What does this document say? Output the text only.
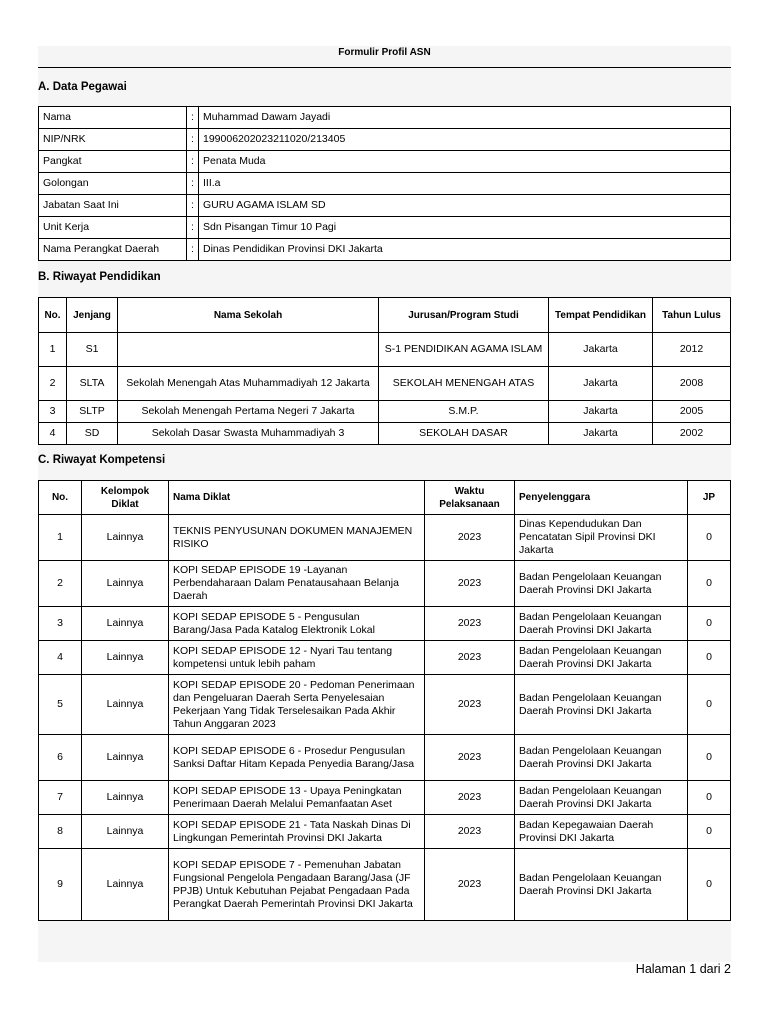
Formulir Profil ASN
A. Data Pegawai
Nama	:	Muhammad Dawam Jayadi
NIP/NRK	:	199006202023211020/213405
Pangkat	:	Penata Muda
Golongan	:	III.a
Jabatan Saat Ini	:	GURU AGAMA ISLAM SD
Unit Kerja	:	Sdn Pisangan Timur 10 Pagi
Nama Perangkat Daerah	:	Dinas Pendidikan Provinsi DKI Jakarta
B. Riwayat Pendidikan
No.	Jenjang	Nama Sekolah	Jurusan/Program Studi	Tempat Pendidikan	Tahun Lulus
1	S1		S-1 PENDIDIKAN AGAMA ISLAM	Jakarta	2012
2	SLTA	Sekolah Menengah Atas Muhammadiyah 12 Jakarta	SEKOLAH MENENGAH ATAS	Jakarta	2008
3	SLTP	Sekolah Menengah Pertama Negeri 7 Jakarta	S.M.P.	Jakarta	2005
4	SD	Sekolah Dasar Swasta Muhammadiyah 3	SEKOLAH DASAR	Jakarta	2002
C. Riwayat Kompetensi
No.	Kelompok Diklat	Nama Diklat	Waktu Pelaksanaan	Penyelenggara	JP
1	Lainnya	TEKNIS PENYUSUNAN DOKUMEN MANAJEMEN RISIKO	2023	Dinas Kependudukan Dan Pencatatan Sipil Provinsi DKI Jakarta	0
2	Lainnya	KOPI SEDAP EPISODE 19 -Layanan Perbendaharaan Dalam Penatausahaan Belanja Daerah	2023	Badan Pengelolaan Keuangan Daerah Provinsi DKI Jakarta	0
3	Lainnya	KOPI SEDAP EPISODE 5 - Pengusulan Barang/Jasa Pada Katalog Elektronik Lokal	2023	Badan Pengelolaan Keuangan Daerah Provinsi DKI Jakarta	0
4	Lainnya	KOPI SEDAP EPISODE 12 - Nyari Tau tentang kompetensi untuk lebih paham	2023	Badan Pengelolaan Keuangan Daerah Provinsi DKI Jakarta	0
5	Lainnya	KOPI SEDAP EPISODE 20 - Pedoman Penerimaan dan Pengeluaran Daerah Serta Penyelesaian Pekerjaan Yang Tidak Terselesaikan Pada Akhir Tahun Anggaran 2023	2023	Badan Pengelolaan Keuangan Daerah Provinsi DKI Jakarta	0
6	Lainnya	KOPI SEDAP EPISODE 6 - Prosedur Pengusulan Sanksi Daftar Hitam Kepada Penyedia Barang/Jasa	2023	Badan Pengelolaan Keuangan Daerah Provinsi DKI Jakarta	0
7	Lainnya	KOPI SEDAP EPISODE 13 - Upaya Peningkatan Penerimaan Daerah Melalui Pemanfaatan Aset	2023	Badan Pengelolaan Keuangan Daerah Provinsi DKI Jakarta	0
8	Lainnya	KOPI SEDAP EPISODE 21 - Tata Naskah Dinas Di Lingkungan Pemerintah Provinsi DKI Jakarta	2023	Badan Kepegawaian Daerah Provinsi DKI Jakarta	0
9	Lainnya	KOPI SEDAP EPISODE 7 - Pemenuhan Jabatan Fungsional Pengelola Pengadaan Barang/Jasa (JF PPJB) Untuk Kebutuhan Pejabat Pengadaan Pada Perangkat Daerah Pemerintah Provinsi DKI Jakarta	2023	Badan Pengelolaan Keuangan Daerah Provinsi DKI Jakarta	0
Halaman 1 dari 2
